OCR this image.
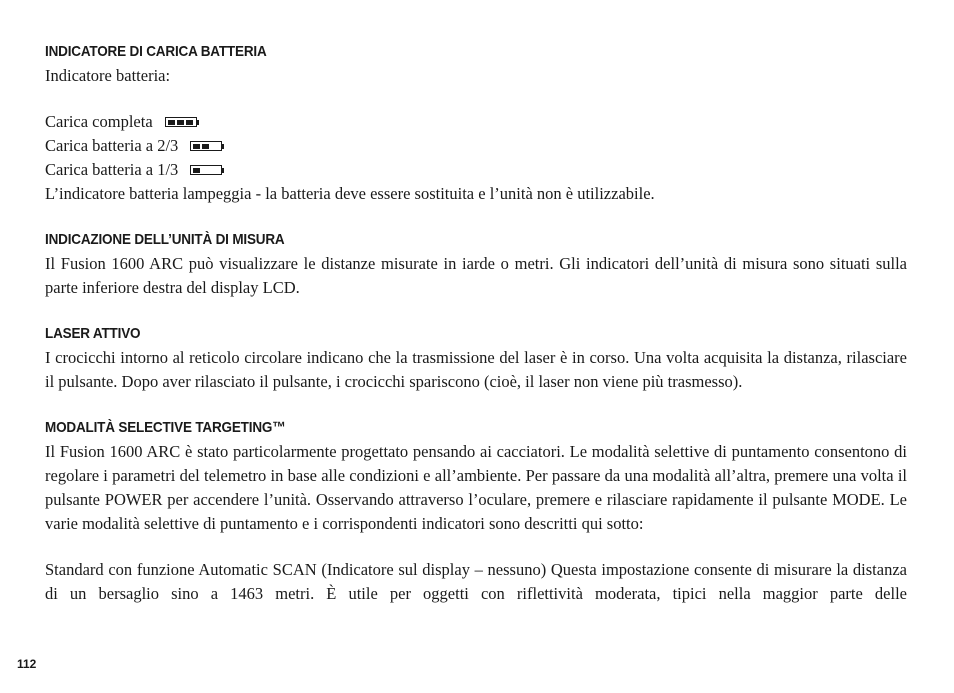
INDICATORE DI CARICA BATTERIA

Indicatore batteria:

Carica completa
Carica batteria a 2/3
Carica batteria a 1/3

L’indicatore batteria lampeggia - la batteria deve essere sostituita e l’unità non è utilizzabile.

INDICAZIONE DELL’UNITÀ DI MISURA

Il Fusion 1600 ARC può visualizzare le distanze misurate in iarde o metri. Gli indicatori dell’unità di misura sono situati sulla parte inferiore destra del display LCD.

LASER ATTIVO

I crocicchi intorno al reticolo circolare indicano che la trasmissione del laser è in corso. Una volta acquisita la distanza, rilasciare il pulsante. Dopo aver rilasciato il pulsante, i crocicchi spariscono (cioè, il laser non viene più trasmesso).

MODALITÀ SELECTIVE TARGETING™

Il Fusion 1600 ARC è stato particolarmente progettato pensando ai cacciatori. Le modalità selettive di puntamento consentono di regolare i parametri del telemetro in base alle condizioni e all’ambiente. Per passare da una modalità all’altra, premere una volta il pulsante POWER per accendere l’unità. Osservando attraverso l’oculare, premere e rilasciare rapidamente il pulsante MODE. Le varie modalità selettive di puntamento e i corrispondenti indicatori sono descritti qui sotto:

Standard con funzione Automatic SCAN (Indicatore sul display – nessuno) Questa impostazione consente di misurare la distanza di un bersaglio sino a 1463 metri. È utile per oggetti con riflettività moderata, tipici nella maggior parte delle

112
